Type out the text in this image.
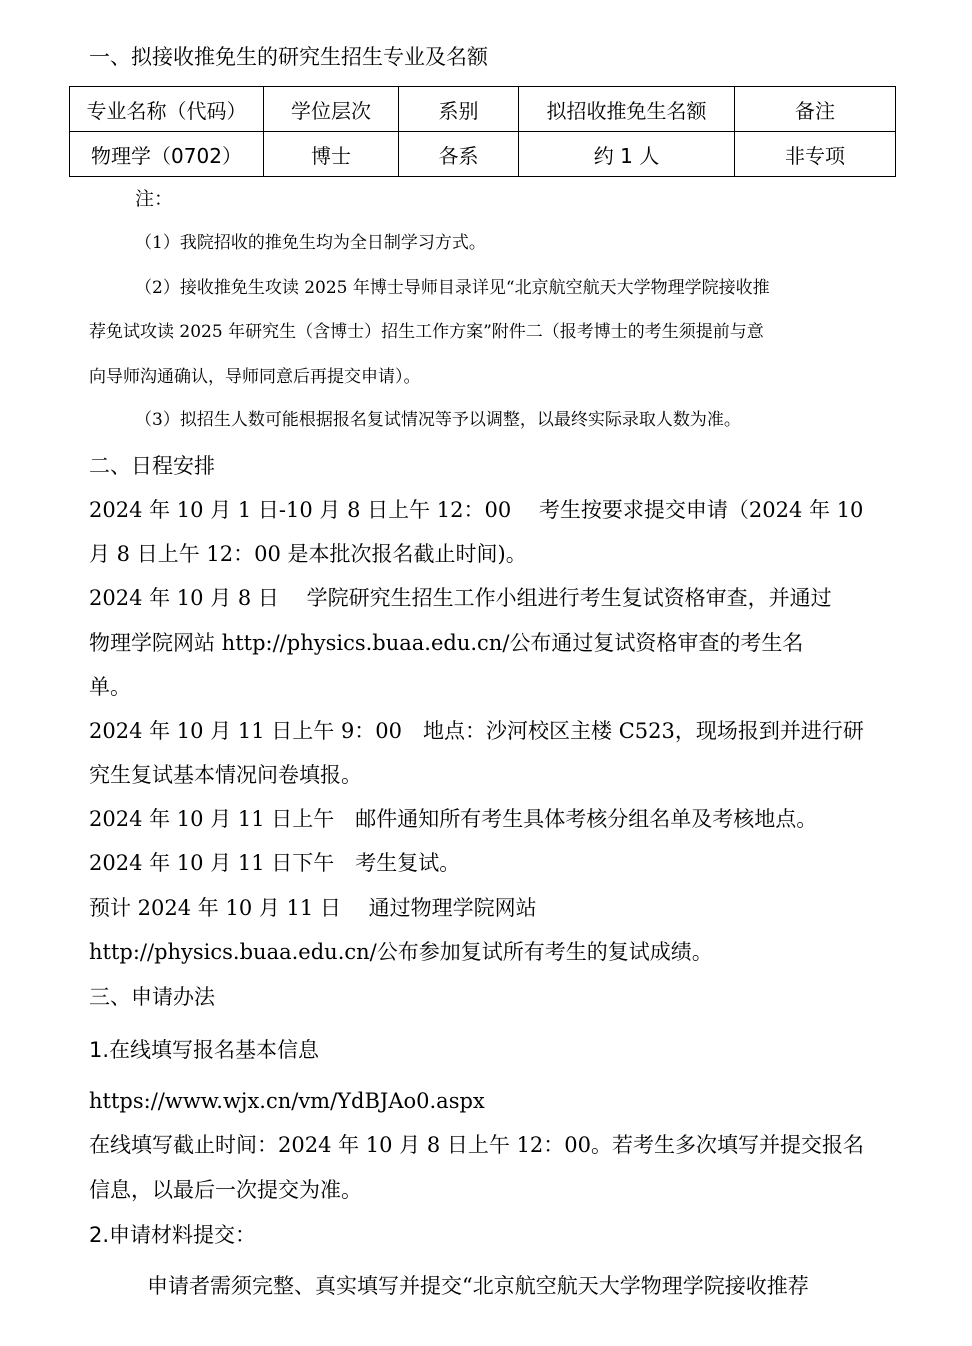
一、拟接收推免生的研究生招生专业及名额
专业名称（代码）	学位层次	系别	拟招收推免生名额	备注
物理学（0702）	博士	各系	约 1 人	非专项
注：
（1）我院招收的推免生均为全日制学习方式。
（2）接收推免生攻读 2025 年博士导师目录详见“北京航空航天大学物理学院接收推
荐免试攻读 2025 年研究生（含博士）招生工作方案”附件二（报考博士的考生须提前与意
向导师沟通确认，导师同意后再提交申请）。
（3）拟招生人数可能根据报名复试情况等予以调整，以最终实际录取人数为准。
二、日程安排
2024 年 10 月 1 日-10 月 8 日上午 12：00　 考生按要求提交申请（2024 年 10
月 8 日上午 12：00 是本批次报名截止时间)。
2024 年 10 月 8 日　 学院研究生招生工作小组进行考生复试资格审查，并通过
物理学院网站 http://physics.buaa.edu.cn/公布通过复试资格审查的考生名
单。
2024 年 10 月 11 日上午 9：00　地点：沙河校区主楼 C523，现场报到并进行研
究生复试基本情况问卷填报。
2024 年 10 月 11 日上午　邮件通知所有考生具体考核分组名单及考核地点。
2024 年 10 月 11 日下午　考生复试。
预计 2024 年 10 月 11 日　 通过物理学院网站
http://physics.buaa.edu.cn/公布参加复试所有考生的复试成绩。
三、申请办法
1.在线填写报名基本信息
https://www.wjx.cn/vm/YdBJAo0.aspx
在线填写截止时间：2024 年 10 月 8 日上午 12：00。若考生多次填写并提交报名
信息，以最后一次提交为准。
2.申请材料提交：
申请者需须完整、真实填写并提交“北京航空航天大学物理学院接收推荐
